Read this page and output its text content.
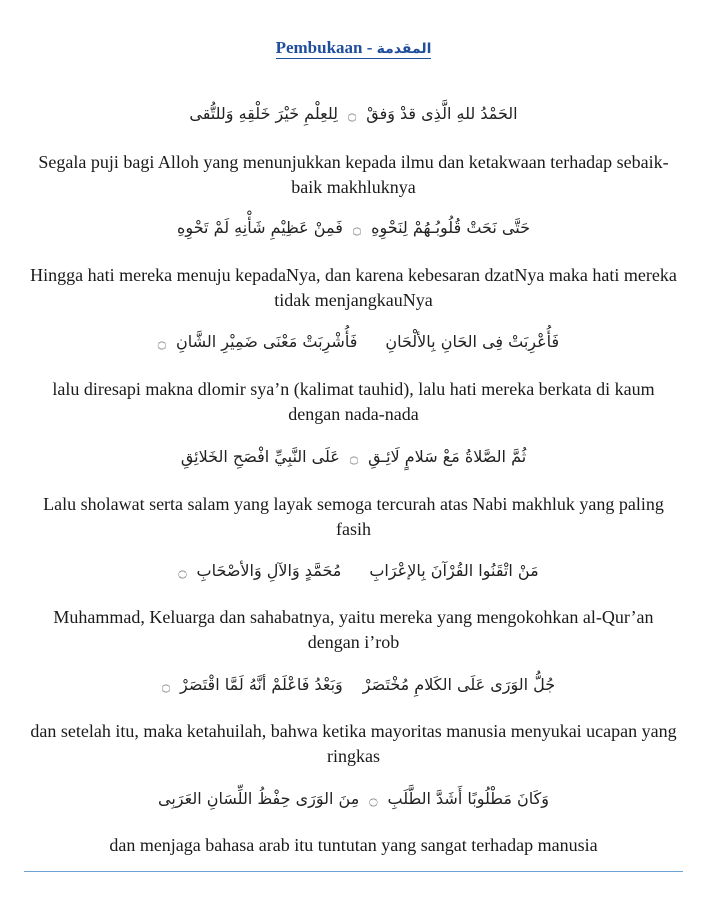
Pembukaan - المقدمة
الحَمْدُ للهِ الَّذِى قدْ وَفقْ۝لِلعِلْمِ خَيْرَ خَلْقِهِ وَللتُّقى
Segala puji bagi Alloh yang menunjukkan kepada ilmu dan ketakwaan terhadap sebaik-baik makhluknya
حَتَّى نَحَتْ قُلُوبُـهُمْ لِنَحْوِهِ۝فَمِنْ عَظِيْمِ شَأْنِهِ لَمْ تَحْوِهِ
Hingga hati mereka menuju kepadaNya, dan karena kebesaran dzatNya maka hati mereka tidak menjangkauNya
فَأُعْرِبَتْ فِى الحَانِ بِالألْحَانِفَأُشْرِبَتْ مَعْنَى ضَمِيْرِ الشَّانِ۝
lalu diresapi makna dlomir sya’n (kalimat tauhid), lalu hati mereka berkata di kaum dengan nada-nada
ثُمَّ الصَّلاةُ مَعْ سَلامٍ لَائِـقِ۝عَلَى النَّبِيِّ افْصَحِ الخَلائِقِ
Lalu sholawat serta salam yang layak semoga tercurah atas Nabi makhluk yang paling fasih
مَنْ اتْقَنُوا القُرْآنَ بِالإعْرَابِمُحَمَّدٍ وَالآلِ وَالأصْحَابِ۝
Muhammad, Keluarga dan sahabatnya, yaitu mereka yang mengokohkan al-Qur’an dengan i’rob
جُلُّ الوَرَى عَلَى الكَلامِ مُخْتَصَرْوَبَعْدُ فَاعْلَمْ أنَّهُ لَمَّا اقْتَصَرْ۝
dan setelah itu, maka ketahuilah, bahwa ketika mayoritas manusia menyukai ucapan yang ringkas
وَكَانَ مَطْلُوبًا أَشَدَّ الطَّلَبِ۝مِنَ الوَرَى حِفْظُ اللِّسَانِ العَرَبِى
dan menjaga bahasa arab itu tuntutan yang sangat terhadap manusia
